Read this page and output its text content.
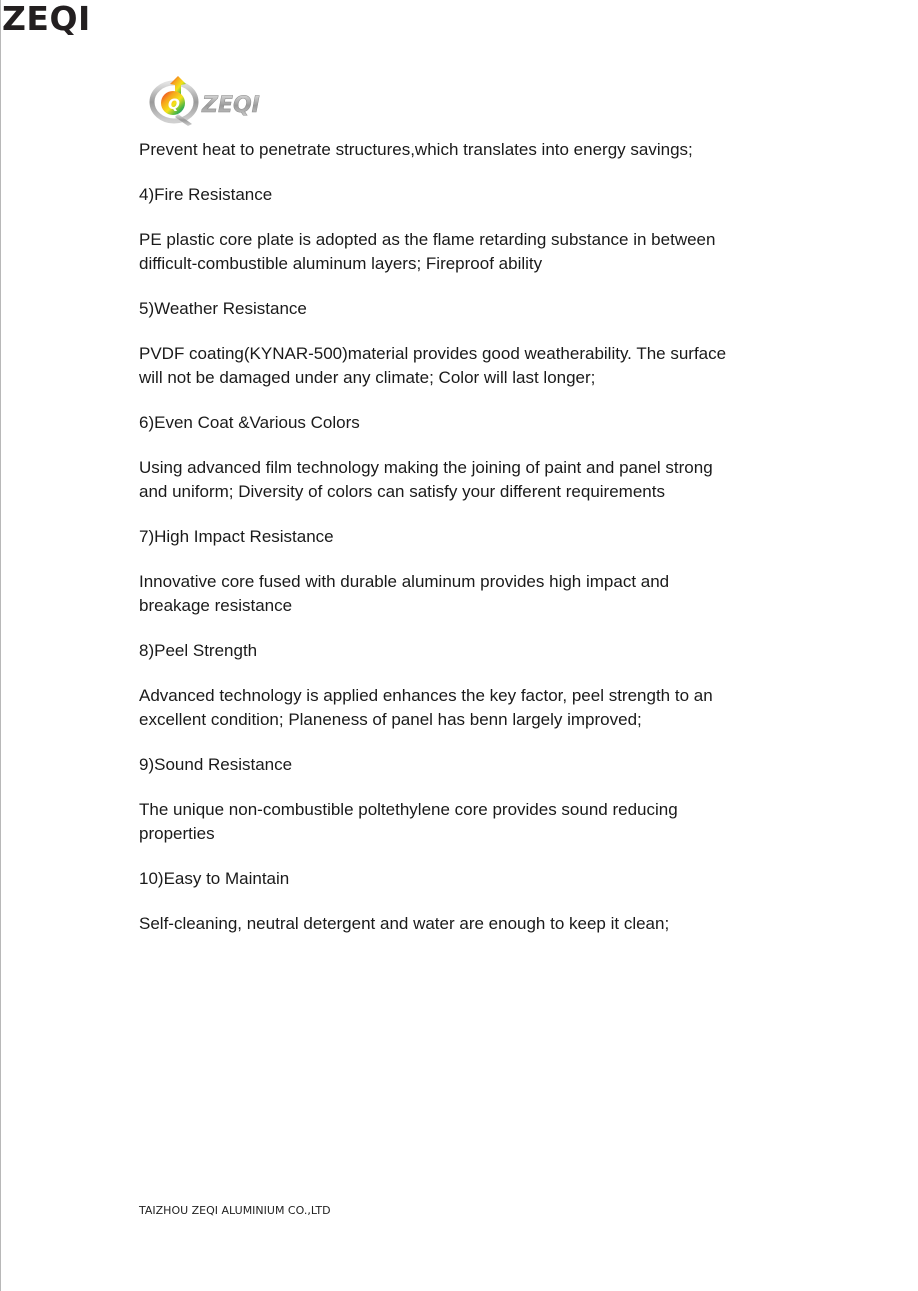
ZEQI
Q ZEQI

Prevent heat to penetrate structures,which translates into energy savings;

4)Fire Resistance

PE plastic core plate is adopted as the flame retarding substance in between
difficult-combustible aluminum layers; Fireproof ability

5)Weather Resistance

PVDF coating(KYNAR-500)material provides good weatherability. The surface
will not be damaged under any climate; Color will last longer;

6)Even Coat &Various Colors

Using advanced film technology making the joining of paint and panel strong
and uniform; Diversity of colors can satisfy your different requirements

7)High Impact Resistance

Innovative core fused with durable aluminum provides high impact and
breakage resistance

8)Peel Strength

Advanced technology is applied enhances the key factor, peel strength to an
excellent condition; Planeness of panel has benn largely improved;

9)Sound Resistance

The unique non-combustible poltethylene core provides sound reducing
properties

10)Easy to Maintain

Self-cleaning, neutral detergent and water are enough to keep it clean;

TAIZHOU ZEQI ALUMINIUM CO.,LTD
